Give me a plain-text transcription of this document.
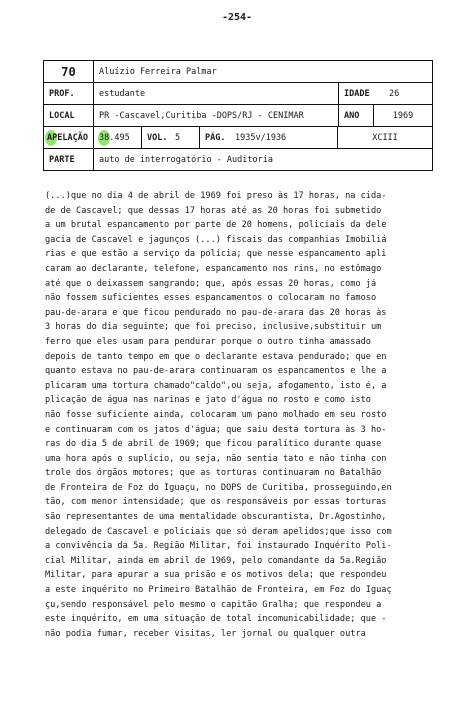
-254-
70	Aluízio Ferreira Palmar
PROF.	estudante	IDADE	26
LOCAL	PR -Cascavel,Curitiba -DOPS/RJ - CENIMAR	ANO	1969
APELAÇÃO 38.495	VOL. 5	PÁG.	1935v/1936	XCIII
PARTE	auto de interrogatório - Auditoria
(...)que no dia 4 de abril de 1969 foi preso às 17 horas, na cida-
de de Cascavel; que dessas 17 horas até as 20 horas foi submetido
a um brutal espancamento por parte de 20 homens, policiais da dele
gacia de Cascavel e jagunços (...) fiscais das companhias Imobiliá
rias e que estão a serviço da polícia; que nesse espancamento apli
caram ao declarante, telefone, espancamento nos rins, no estômago
até que o deixassem sangrando; que, após essas 20 horas, como já
não fossem suficientes esses espancamentos o colocaram no famoso
pau-de-arara e que ficou pendurado no pau-de-arara das 20 horas às
3 horas do dia seguinte; que foi preciso, inclusive,substituir um
ferro que eles usam para pendurar porque o outro tinha amassado
depois de tanto tempo em que o declarante estava pendurado; que en
quanto estava no pau-de-arara continuaram os espancamentos e lhe a
plicaram uma tortura chamado"caldo",ou seja, afogamento, isto é, a
plicação de água nas narinas e jato d'água no rosto e como isto
não fosse suficiente ainda, colocaram um pano molhado em seu rosto
e continuaram com os jatos d'água; que saiu desta tortura às 3 ho-
ras do dia 5 de abril de 1969; que ficou paralítico durante quase
uma hora após o suplício, ou seja, não sentia tato e não tinha con
trole dos órgãos motores; que as torturas continuaram no Batalhão
de Fronteira de Foz do Iguaçu, no DOPS de Curitiba, prosseguindo,en
tão, com menor intensidade; que os responsáveis por essas torturas
são representantes de uma mentalidade obscurantista, Dr.Agostinho,
delegado de Cascavel e policiais que só deram apelidos;que isso com
a convivência da 5a. Região Militar, foi instaurado Inquérito Poli-
cial Militar, ainda em abril de 1969, pelo comandante da 5a.Região
Militar, para apurar a sua prisão e os motivos dela; que respondeu
a este inquérito no Primeiro Batalhão de Fronteira, em Foz do Iguaç
çu,sendo responsável pelo mesmo o capitão Gralha; que respondeu a
este inquérito, em uma situação de total incomunicabilidade; que -
não podia fumar, receber visitas, ler jornal ou qualquer outra
